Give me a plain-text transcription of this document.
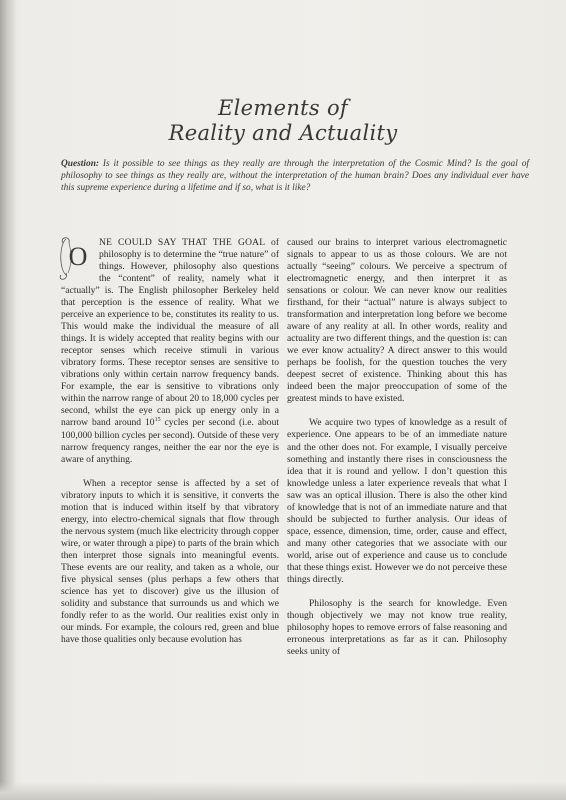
Elements of
Reality and Actuality
Question: Is it possible to see things as they really are through the interpretation of the Cosmic Mind? Is the goal of philosophy to see things as they really are, without the interpretation of the human brain? Does any individual ever have this supreme experience during a lifetime and if so, what is it like?

O NE COULD SAY THAT THE GOAL of philosophy is to determine the “true nature” of things. However, philosophy also questions the “content” of reality, namely what it “actually” is. The English philosopher Berkeley held that perception is the essence of reality. What we perceive an experience to be, constitutes its reality to us. This would make the individual the measure of all things. It is widely accepted that reality begins with our receptor senses which receive stimuli in various vibratory forms. These receptor senses are sensitive to vibrations only within certain narrow frequency bands. For example, the ear is sensitive to vibrations only within the narrow range of about 20 to 18,000 cycles per second, whilst the eye can pick up energy only in a narrow band around $10^{15}$ cycles per second (i.e. about 100,000 billion cycles per second). Outside of these very narrow frequency ranges, neither the ear nor the eye is aware of anything.

When a receptor sense is affected by a set of vibratory inputs to which it is sensitive, it converts the motion that is induced within itself by that vibratory energy, into electro-chemical signals that flow through the nervous system (much like electricity through copper wire, or water through a pipe) to parts of the brain which then interpret those signals into meaningful events. These events are our reality, and taken as a whole, our five physical senses (plus perhaps a few others that science has yet to discover) give us the illusion of solidity and substance that surrounds us and which we fondly refer to as the world. Our realities exist only in our minds. For example, the colours red, green and blue have those qualities only because evolution has

caused our brains to interpret various electromagnetic signals to appear to us as those colours. We are not actually “seeing” colours. We perceive a spectrum of electromagnetic energy, and then interpret it as sensations or colour. We can never know our realities firsthand, for their “actual” nature is always subject to transformation and interpretation long before we become aware of any reality at all. In other words, reality and actuality are two different things, and the question is: can we ever know actuality? A direct answer to this would perhaps be foolish, for the question touches the very deepest secret of existence. Thinking about this has indeed been the major preoccupation of some of the greatest minds to have existed.

We acquire two types of knowledge as a result of experience. One appears to be of an immediate nature and the other does not. For example, I visually perceive something and instantly there rises in consciousness the idea that it is round and yellow. I don’t question this knowledge unless a later experience reveals that what I saw was an optical illusion. There is also the other kind of knowledge that is not of an immediate nature and that should be subjected to further analysis. Our ideas of space, essence, dimension, time, order, cause and effect, and many other categories that we associate with our world, arise out of experience and cause us to conclude that these things exist. However we do not perceive these things directly.

Philosophy is the search for knowledge. Even though objectively we may not know true reality, philosophy hopes to remove errors of false reasoning and erroneous interpretations as far as it can. Philosophy seeks unity of
